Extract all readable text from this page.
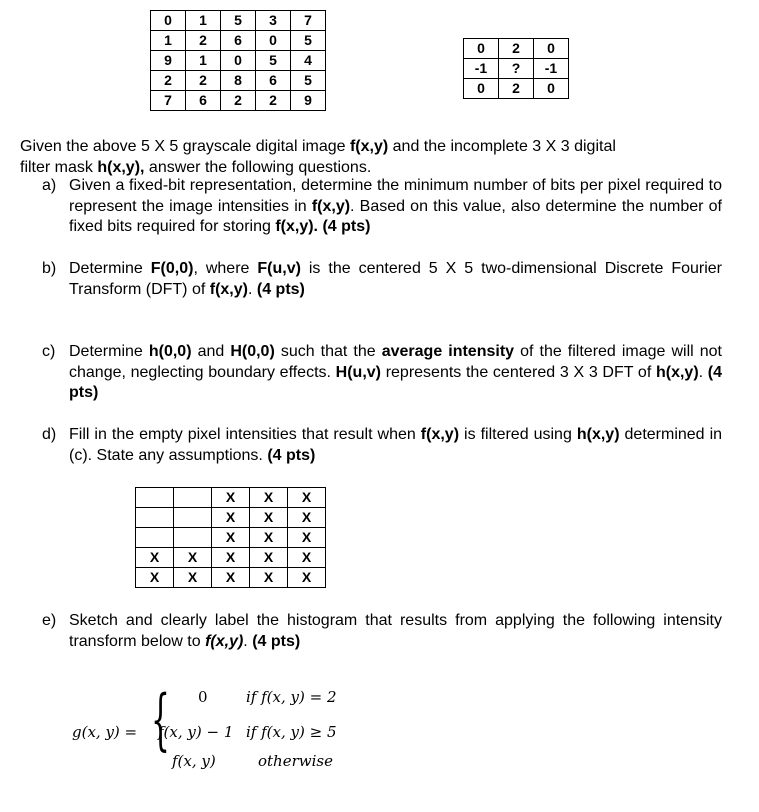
0	1	5	3	7
1	2	6	0	5
9	1	0	5	4
2	2	8	6	5
7	6	2	2	9
0	2	0
-1	?	-1
0	2	0
Given the above 5 X 5 grayscale digital image f(x,y) and the incomplete 3 X 3 digital
filter mask h(x,y), answer the following questions.
a) Given a fixed-bit representation, determine the minimum number of bits per pixel required to represent the image intensities in f(x,y). Based on this value, also determine the number of fixed bits required for storing f(x,y). (4 pts)
b) Determine F(0,0), where F(u,v) is the centered 5 X 5 two-dimensional Discrete Fourier Transform (DFT) of f(x,y). (4 pts)
c) Determine h(0,0) and H(0,0) such that the average intensity of the filtered image will not change, neglecting boundary effects. H(u,v) represents the centered 3 X 3 DFT of h(x,y). (4 pts)
d) Fill in the empty pixel intensities that result when f(x,y) is filtered using h(x,y) determined in (c). State any assumptions. (4 pts)
		X	X	X
		X	X	X
		X	X	X
X	X	X	X	X
X	X	X	X	X
e) Sketch and clearly label the histogram that results from applying the following intensity transform below to f(x,y). (4 pts)
g(x, y) = { 0	if f(x, y) = 2
f(x, y) − 1 if f(x, y) ≥ 5
f(x, y)	otherwise
